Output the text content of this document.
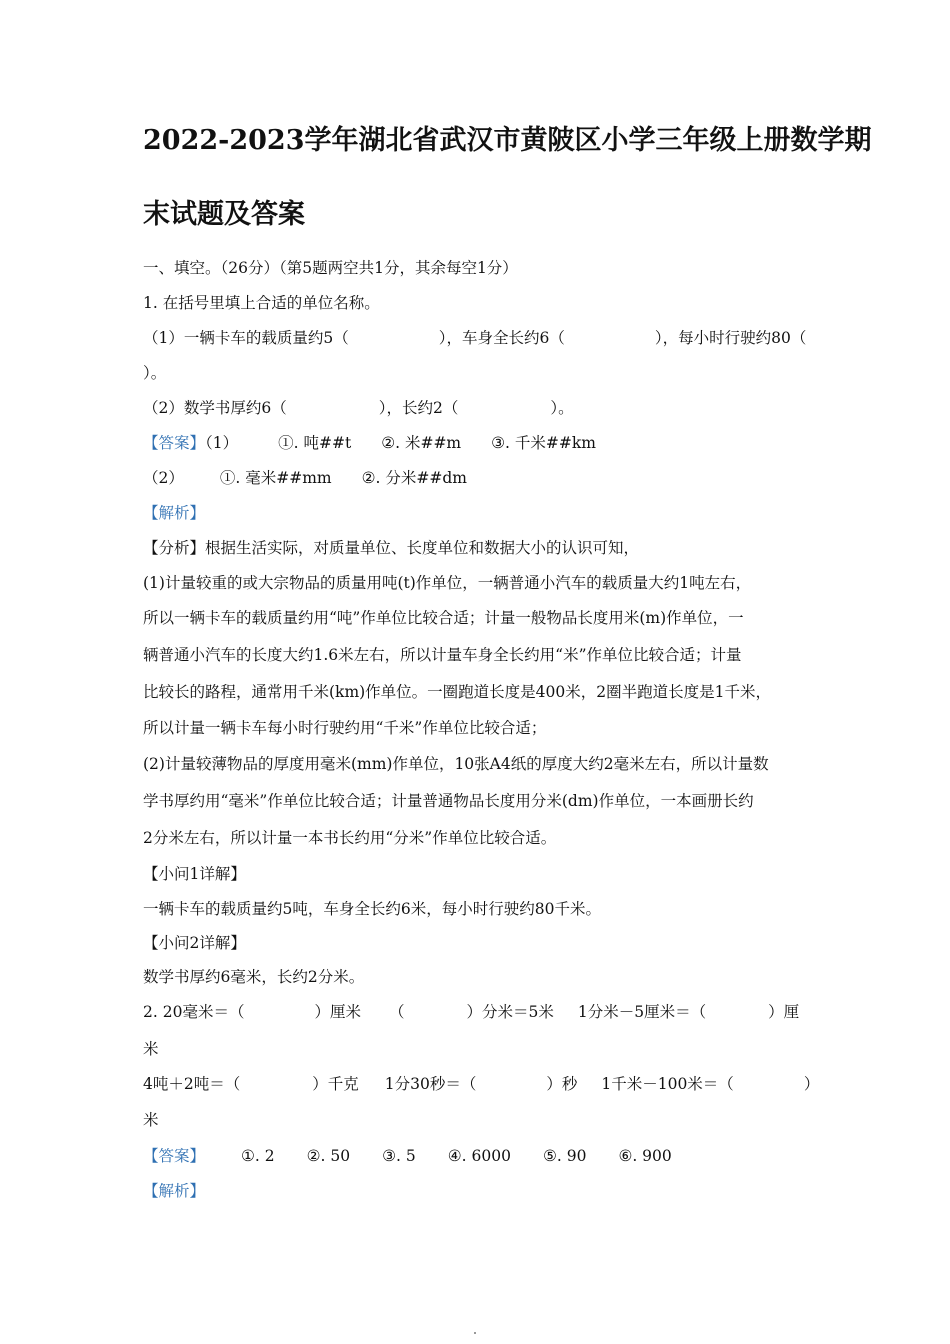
2022-2023学年湖北省武汉市黄陂区小学三年级上册数学期
末试题及答案

一、填空。（26分）（第5题两空共1分，其余每空1分）

1. 在括号里填上合适的单位名称。

（1）一辆卡车的载质量约5（	），车身全长约6（	），每小时行驶约80（

）。

（2）数学书厚约6（	），长约2（	）。

【答案】（1）	①. 吨##t ②. 米##m ③. 千米##km

（2） ①. 毫米##mm ②. 分米##dm

【解析】

【分析】根据生活实际，对质量单位、长度单位和数据大小的认识可知，

(1)计量较重的或大宗物品的质量用吨(t)作单位，一辆普通小汽车的载质量大约1吨左右，

所以一辆卡车的载质量约用“吨”作单位比较合适；计量一般物品长度用米(m)作单位，一

辆普通小汽车的长度大约1.6米左右，所以计量车身全长约用“米”作单位比较合适；计量

比较长的路程，通常用千米(km)作单位。一圈跑道长度是400米，2圈半跑道长度是1千米，

所以计量一辆卡车每小时行驶约用“千米”作单位比较合适；

(2)计量较薄物品的厚度用毫米(mm)作单位，10张A4纸的厚度大约2毫米左右，所以计量数

学书厚约用“毫米”作单位比较合适；计量普通物品长度用分米(dm)作单位，一本画册长约

2分米左右，所以计量一本书长约用“分米”作单位比较合适。

【小问1详解】

一辆卡车的载质量约5吨，车身全长约6米，每小时行驶约80千米。

【小问2详解】

数学书厚约6毫米，长约2分米。

2. 20毫米＝（	）厘米 （	）分米＝5米 1分米－5厘米＝（	）厘

米

4吨＋2吨＝（	）千克 1分30秒＝（	）秒 1千米－100米＝（	）

米

【答案】 ①. 2 ②. 50 ③. 5 ④. 6000 ⑤. 90 ⑥. 900

【解析】
